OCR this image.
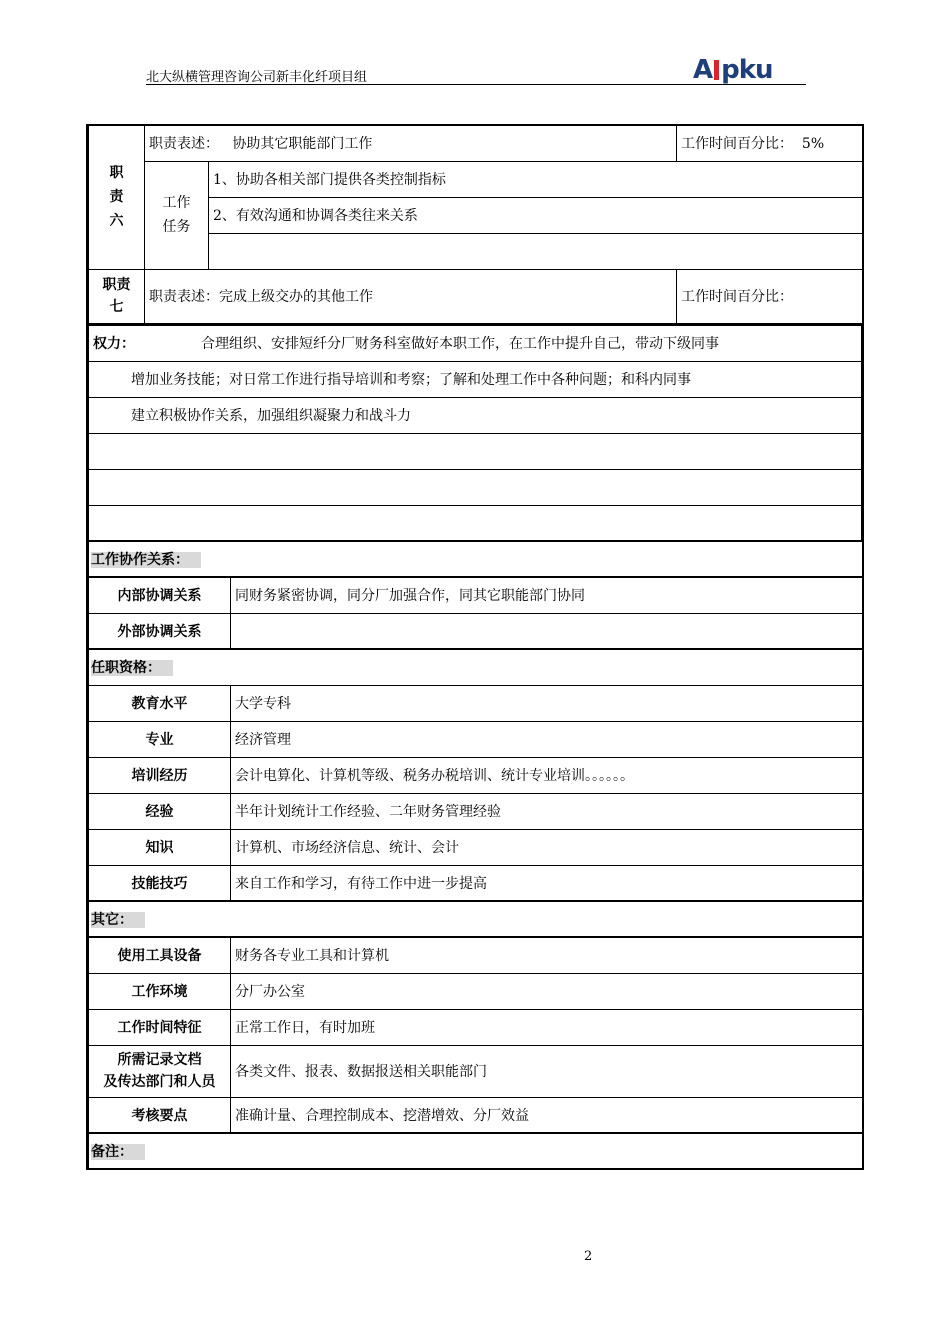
北大纵横管理咨询公司新丰化纤项目组	A pku
职
责
六	职责表述： 协助其它职能部门工作		工作时间百分比： 5%

	工作
任务	1、协助各相关部门提供各类控制指标	
		2、有效沟通和协调各类往来关系	

职责
七	职责表述：完成上级交办的其他工作		工作时间百分比：
权力：	合理组织、安排短纤分厂财务科室做好本职工作，在工作中提升自己，带动下级同事
增加业务技能；对日常工作进行指导培训和考察；了解和处理工作中各种问题；和科内同事
建立积极协作关系，加强组织凝聚力和战斗力

工作协作关系：	
内部协调关系	同财务紧密协调，同分厂加强合作，同其它职能部门协同
外部协调关系	
任职资格：	
教育水平	大学专科
专业	经济管理
培训经历	会计电算化、计算机等级、税务办税培训、统计专业培训。。。。。。
经验	半年计划统计工作经验、二年财务管理经验
知识	计算机、市场经济信息、统计、会计
技能技巧	来自工作和学习，有待工作中进一步提高
其它：	
使用工具设备	财务各专业工具和计算机
工作环境	分厂办公室
工作时间特征	正常工作日，有时加班

所需记录文档
及传达部门和人员	各类文件、报表、数据报送相关职能部门
考核要点	准确计量、合理控制成本、挖潜增效、分厂效益
备注：	
2
